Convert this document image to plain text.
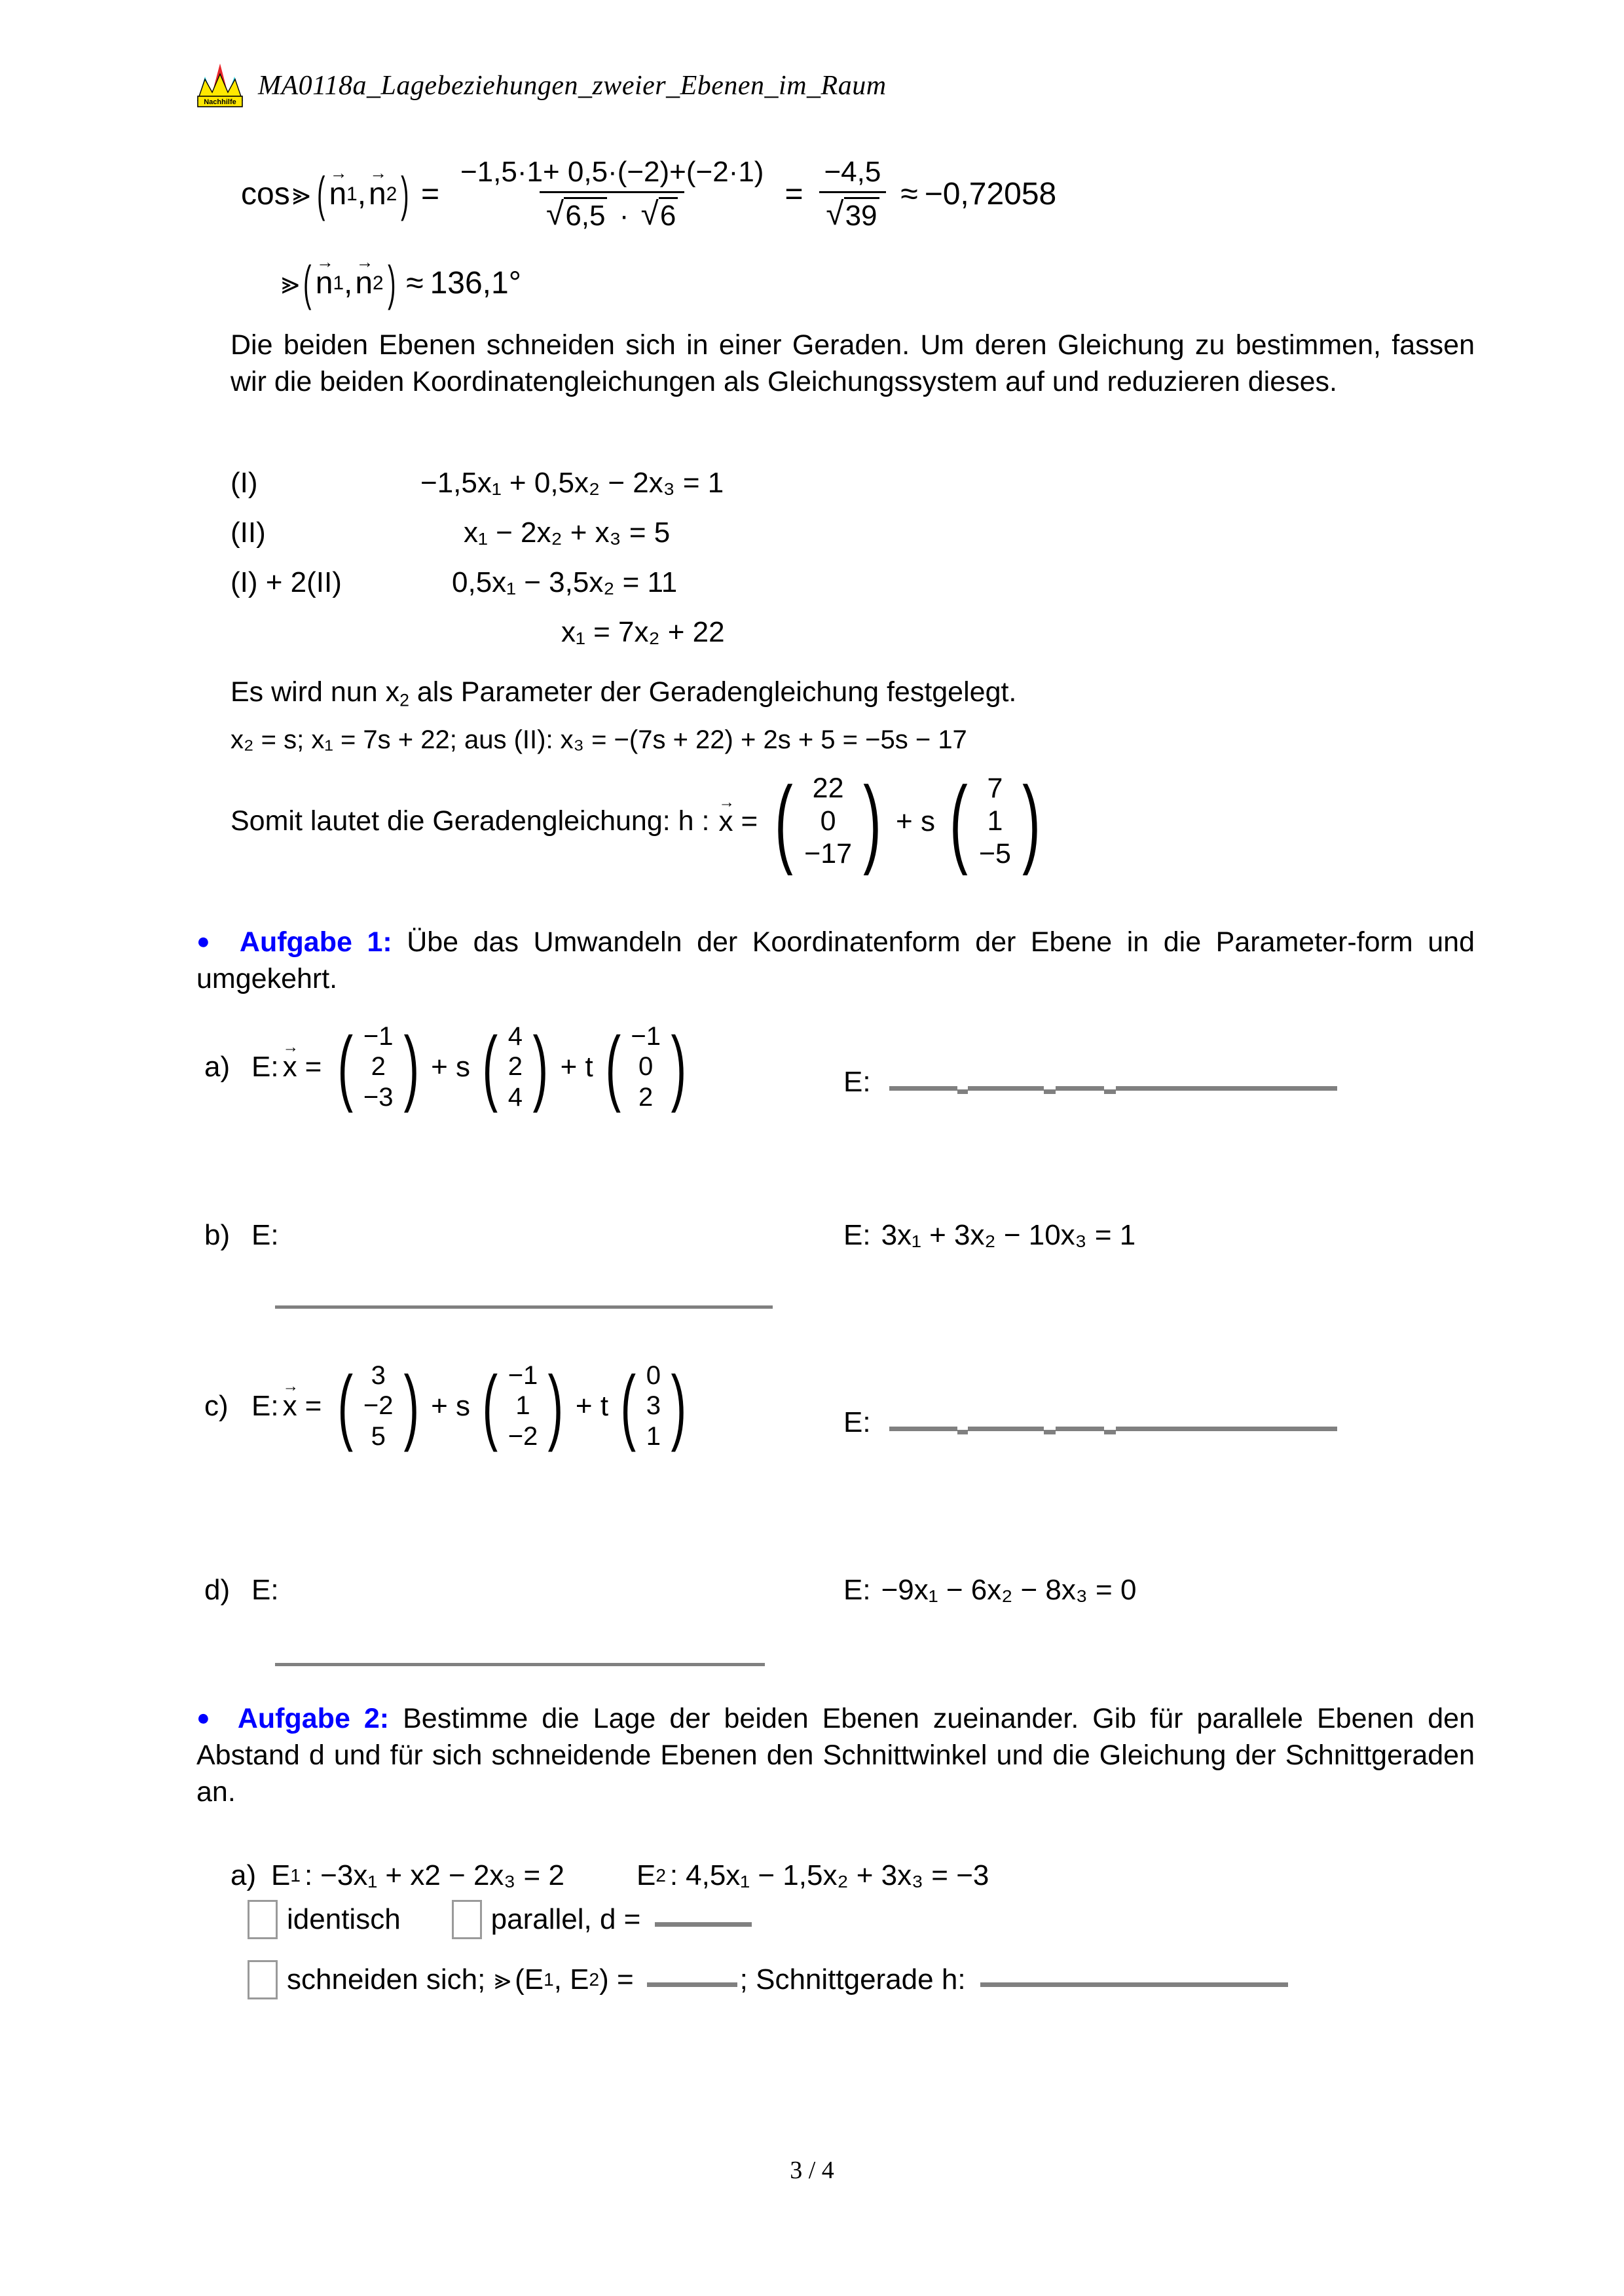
Nachhilfe
MA0118a_Lagebeziehungen_zweier_Ebenen_im_Raum
cos ⪢ ( n → 1 , n → 2 ) = −1,5·1+ 0,5·(−2)+(−2·1)
√ 6,5 · √ 6 = −4,5
√ 39 ≈ −0,72058
⪢ ( n → 1 , n → 2 ) ≈ 136,1°
Die beiden Ebenen schneiden sich in einer Geraden. Um deren Gleichung zu bestimmen, fassen wir die beiden Koordinatengleichungen als Gleichungssystem auf und reduzieren dieses.
(I)	−1,5x₁ + 0,5x₂ − 2x₃ = 1
(II)	x₁ − 2x₂ + x₃ = 5
(I) + 2(II)	0,5x₁ − 3,5x₂ = 11
x₁ = 7x₂ + 22
Es wird nun $x_2$ als Parameter der Geradengleichung festgelegt.
x₂ = s; x₁ = 7s + 22; aus (II): x₃ = −(7s + 22) + 2s + 5 = −5s − 17
Somit lautet die Geradengleichung: h : x → = ( 22
0
−17 ) + s ( 7
1
−5 )
● Aufgabe 1: Übe das Umwandeln der Koordinatenform der Ebene in die Parameter-form und umgekehrt.
a) E: x → = ( −1
2
−3 ) + s ( 4
2
4 ) + t ( −1
0
2 )	E:
b) E:	E: 3x₁ + 3x₂ − 10x₃ = 1
c) E: x → = ( 3
−2
5 ) + s ( −1
1
−2 ) + t ( 0
3
1 )	E:
d) E:	E: −9x₁ − 6x₂ − 8x₃ = 0
● Aufgabe 2: Bestimme die Lage der beiden Ebenen zueinander. Gib für parallele Ebenen den Abstand d und für sich schneidende Ebenen den Schnittwinkel und die Gleichung der Schnittgeraden an.
a) E 1 : −3x₁ + x2 − 2x₃ = 2	E 2 : 4,5x₁ − 1,5x₂ + 3x₃ = −3
identisch	parallel, d =
schneiden sich; ⪢ (E 1 , E 2 ) =	; Schnittgerade h:
3 / 4
